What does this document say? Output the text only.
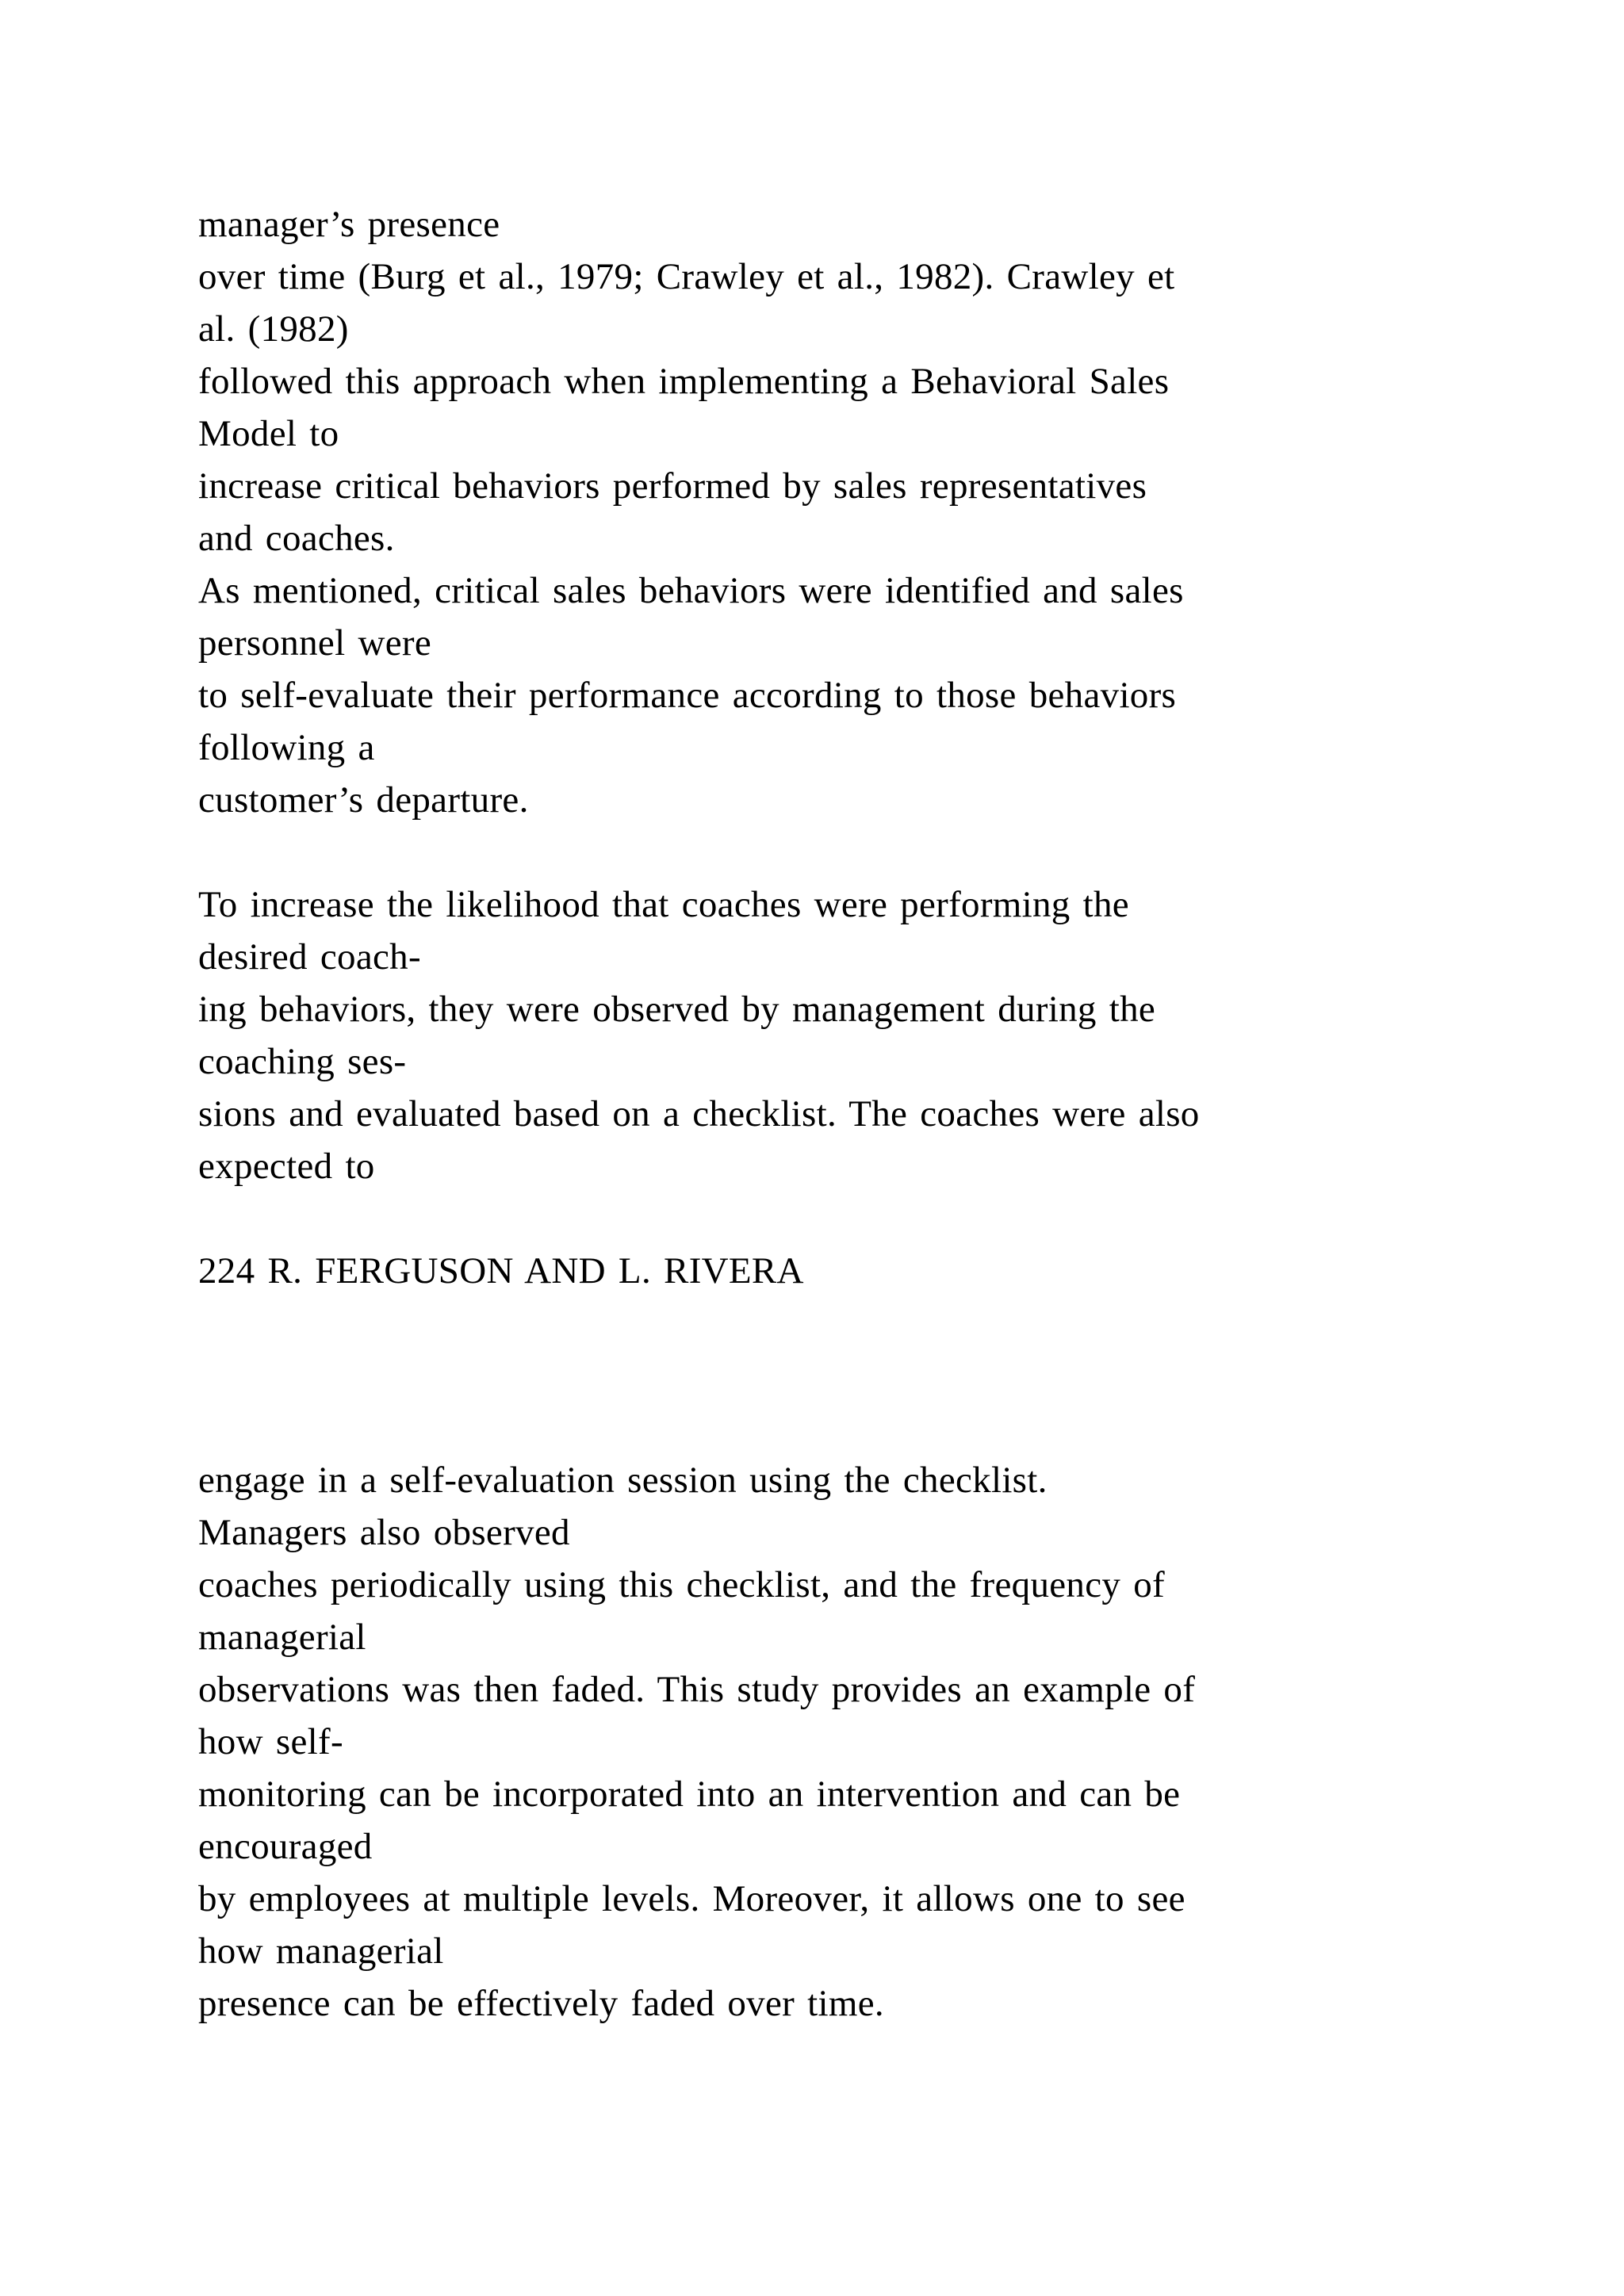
manager’s presence
over time (Burg et al., 1979; Crawley et al., 1982). Crawley et
al. (1982)
followed this approach when implementing a Behavioral Sales
Model to
increase critical behaviors performed by sales representatives
and coaches.
As mentioned, critical sales behaviors were identified and sales
personnel were
to self-evaluate their performance according to those behaviors
following a
customer’s departure.
To increase the likelihood that coaches were performing the
desired coach-
ing behaviors, they were observed by management during the
coaching ses-
sions and evaluated based on a checklist. The coaches were also
expected to
224 R. FERGUSON AND L. RIVERA
engage in a self-evaluation session using the checklist.
Managers also observed
coaches periodically using this checklist, and the frequency of
managerial
observations was then faded. This study provides an example of
how self-
monitoring can be incorporated into an intervention and can be
encouraged
by employees at multiple levels. Moreover, it allows one to see
how managerial
presence can be effectively faded over time.
